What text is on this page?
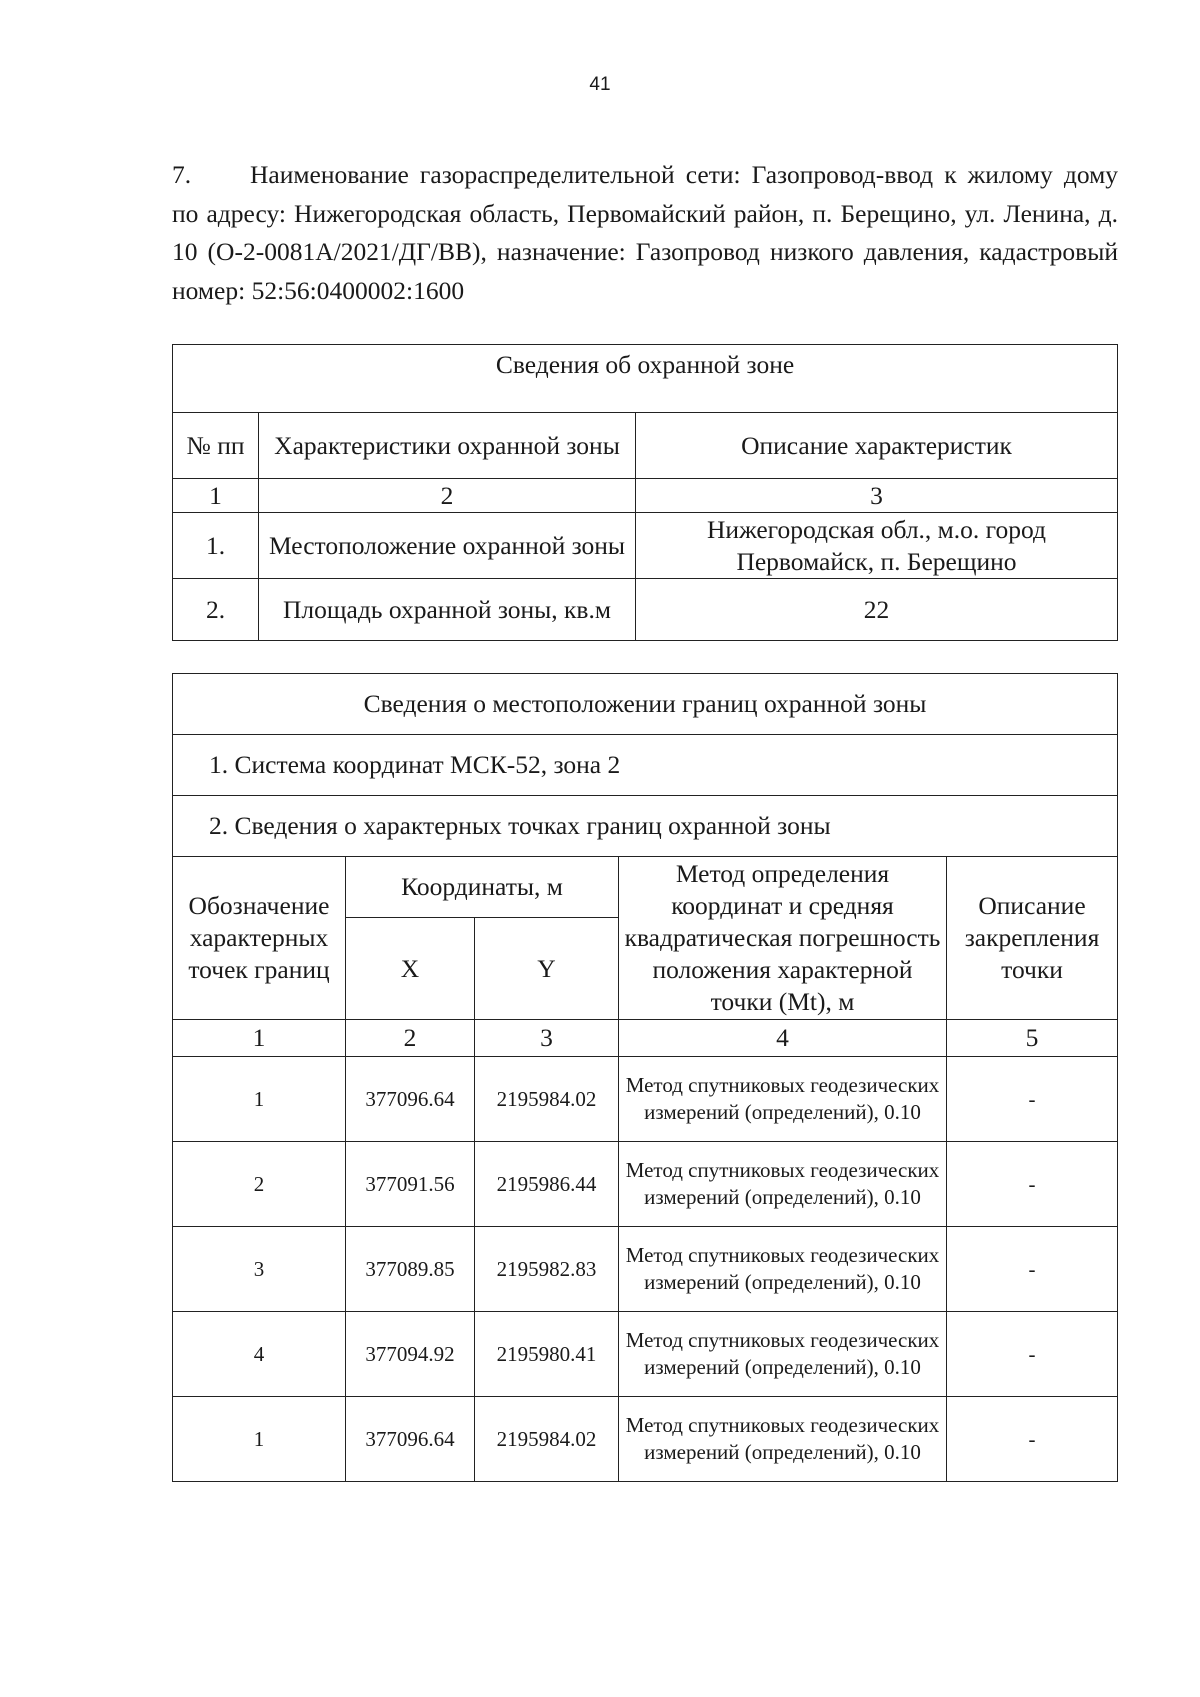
41
7. Наименование газораспределительной сети: Газопровод-ввод к жилому дому по адресу: Нижегородская область, Первомайский район, п. Берещино, ул. Ленина, д. 10 (О-2-0081А/2021/ДГ/ВВ), назначение: Газопровод низкого давления, кадастровый номер: 52:56:0400002:1600
Сведения об охранной зоне		
№ пп	Характеристики охранной зоны	Описание характеристик
1	2	3
1.	Местоположение охранной зоны	Нижегородская обл., м.о. город Первомайск, п. Берещино
2.	Площадь охранной зоны, кв.м	22
Сведения о местоположении границ охранной зоны				
1. Система координат МСК-52, зона 2				
2. Сведения о характерных точках границ охранной зоны				
Обозначение характерных точек границ	Координаты, м		Метод определения координат и средняя квадратическая погрешность положения характерной точки (Mt), м	Описание закрепления точки
	X	Y		
1	2	3	4	5
1	377096.64	2195984.02	Метод спутниковых геодезических измерений (определений), 0.10	-
2	377091.56	2195986.44	Метод спутниковых геодезических измерений (определений), 0.10	-
3	377089.85	2195982.83	Метод спутниковых геодезических измерений (определений), 0.10	-
4	377094.92	2195980.41	Метод спутниковых геодезических измерений (определений), 0.10	-
1	377096.64	2195984.02	Метод спутниковых геодезических измерений (определений), 0.10	-
